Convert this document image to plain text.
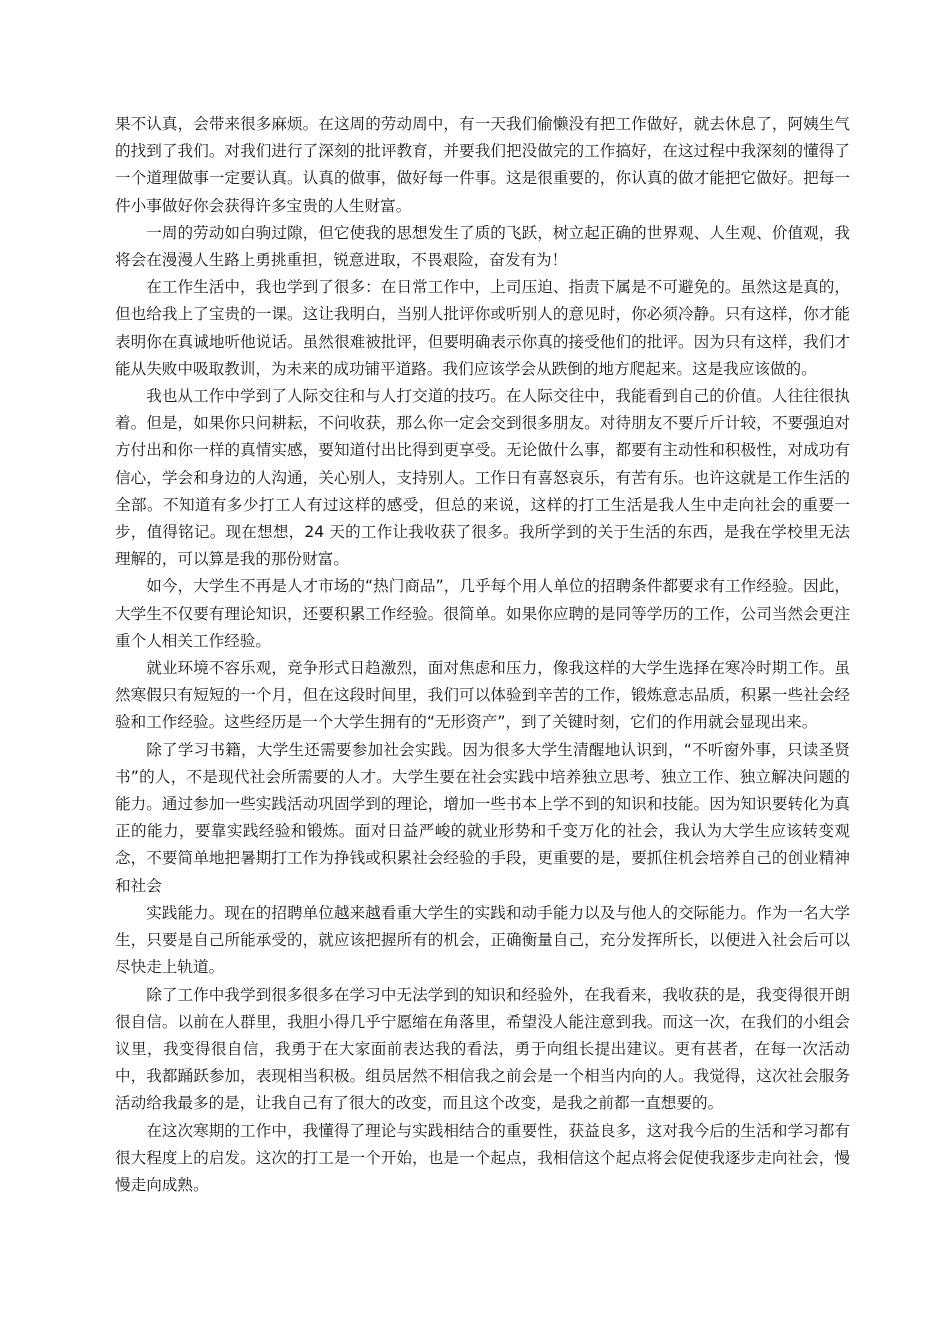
果不认真，会带来很多麻烦。在这周的劳动周中，有一天我们偷懒没有把工作做好，就去休息了，阿姨生气的找到了我们。对我们进行了深刻的批评教育，并要我们把没做完的工作搞好，在这过程中我深刻的懂得了一个道理做事一定要认真。认真的做事，做好每一件事。这是很重要的，你认真的做才能把它做好。把每一件小事做好你会获得许多宝贵的人生财富。

一周的劳动如白驹过隙，但它使我的思想发生了质的飞跃，树立起正确的世界观、人生观、价值观，我将会在漫漫人生路上勇挑重担，锐意进取，不畏艰险，奋发有为！

在工作生活中，我也学到了很多：在日常工作中，上司压迫、指责下属是不可避免的。虽然这是真的，但也给我上了宝贵的一课。这让我明白，当别人批评你或听别人的意见时，你必须冷静。只有这样，你才能表明你在真诚地听他说话。虽然很难被批评，但要明确表示你真的接受他们的批评。因为只有这样，我们才能从失败中吸取教训，为未来的成功铺平道路。我们应该学会从跌倒的地方爬起来。这是我应该做的。

我也从工作中学到了人际交往和与人打交道的技巧。在人际交往中，我能看到自己的价值。人往往很执着。但是，如果你只问耕耘，不问收获，那么你一定会交到很多朋友。对待朋友不要斤斤计较，不要强迫对方付出和你一样的真情实感，要知道付出比得到更享受。无论做什么事，都要有主动性和积极性，对成功有信心，学会和身边的人沟通，关心别人，支持别人。工作日有喜怒哀乐，有苦有乐。也许这就是工作生活的全部。不知道有多少打工人有过这样的感受，但总的来说，这样的打工生活是我人生中走向社会的重要一步，值得铭记。现在想想，24 天的工作让我收获了很多。我所学到的关于生活的东西，是我在学校里无法理解的，可以算是我的那份财富。

如今，大学生不再是人才市场的“热门商品”，几乎每个用人单位的招聘条件都要求有工作经验。因此，大学生不仅要有理论知识，还要积累工作经验。很简单。如果你应聘的是同等学历的工作，公司当然会更注重个人相关工作经验。

就业环境不容乐观，竞争形式日趋激烈，面对焦虑和压力，像我这样的大学生选择在寒冷时期工作。虽然寒假只有短短的一个月，但在这段时间里，我们可以体验到辛苦的工作，锻炼意志品质，积累一些社会经验和工作经验。这些经历是一个大学生拥有的“无形资产”，到了关键时刻，它们的作用就会显现出来。

除了学习书籍，大学生还需要参加社会实践。因为很多大学生清醒地认识到，“不听窗外事，只读圣贤书”的人，不是现代社会所需要的人才。大学生要在社会实践中培养独立思考、独立工作、独立解决问题的能力。通过参加一些实践活动巩固学到的理论，增加一些书本上学不到的知识和技能。因为知识要转化为真正的能力，要靠实践经验和锻炼。面对日益严峻的就业形势和千变万化的社会，我认为大学生应该转变观念，不要简单地把暑期打工作为挣钱或积累社会经验的手段，更重要的是，要抓住机会培养自己的创业精神和社会

实践能力。现在的招聘单位越来越看重大学生的实践和动手能力以及与他人的交际能力。作为一名大学生，只要是自己所能承受的，就应该把握所有的机会，正确衡量自己，充分发挥所长，以便进入社会后可以尽快走上轨道。

除了工作中我学到很多很多在学习中无法学到的知识和经验外，在我看来，我收获的是，我变得很开朗很自信。以前在人群里，我胆小得几乎宁愿缩在角落里，希望没人能注意到我。而这一次，在我们的小组会议里，我变得很自信，我勇于在大家面前表达我的看法，勇于向组长提出建议。更有甚者，在每一次活动中，我都踊跃参加，表现相当积极。组员居然不相信我之前会是一个相当内向的人。我觉得，这次社会服务活动给我最多的是，让我自己有了很大的改变，而且这个改变，是我之前都一直想要的。

在这次寒期的工作中，我懂得了理论与实践相结合的重要性，获益良多，这对我今后的生活和学习都有很大程度上的启发。这次的打工是一个开始，也是一个起点，我相信这个起点将会促使我逐步走向社会，慢慢走向成熟。
